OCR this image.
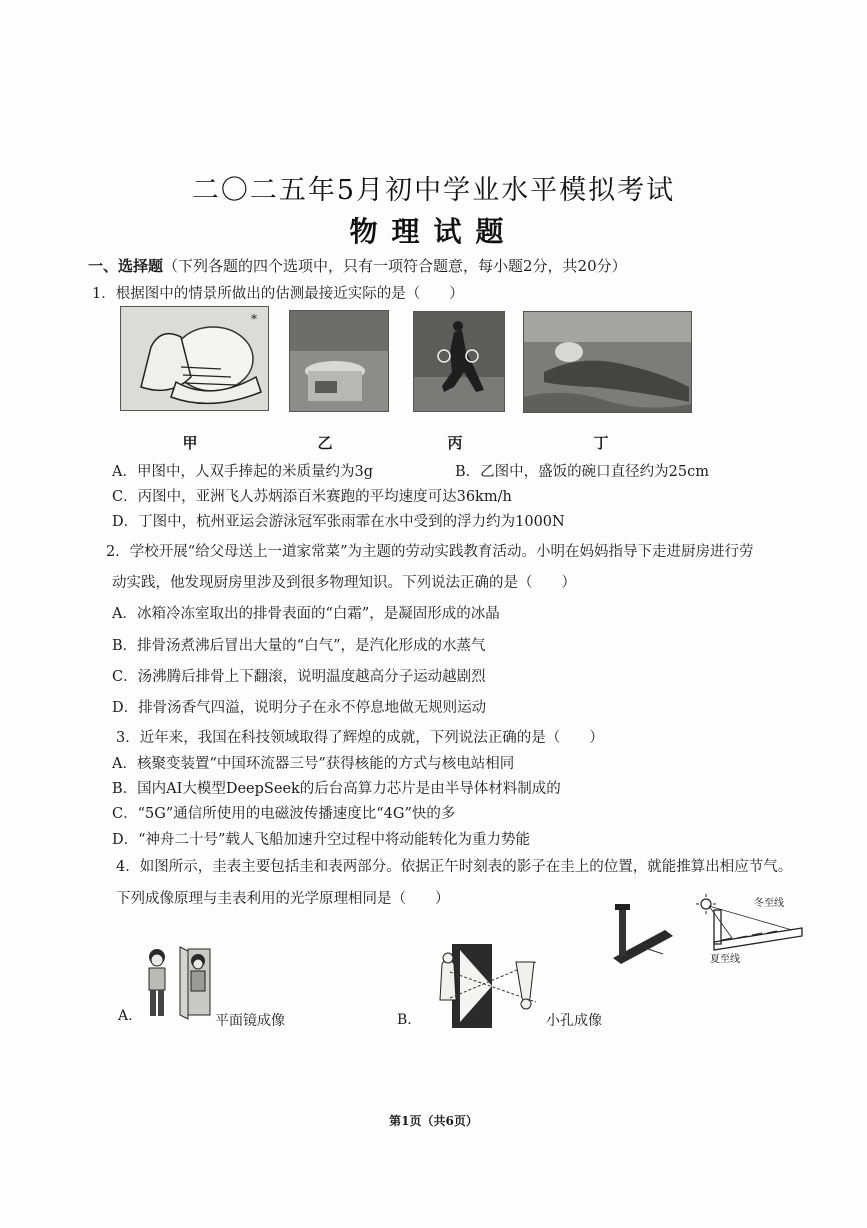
二〇二五年5月初中学业水平模拟考试
物理试题
一、选择题（下列各题的四个选项中，只有一项符合题意，每小题2分，共20分）
1．根据图中的情景所做出的估测最接近实际的是（　　）
*
甲	乙	丙	丁
A．甲图中，人双手捧起的米质量约为3g	B．乙图中，盛饭的碗口直径约为25cm
C．丙图中，亚洲飞人苏炳添百米赛跑的平均速度可达36km/h
D．丁图中，杭州亚运会游泳冠军张雨霏在水中受到的浮力约为1000N
2．学校开展“给父母送上一道家常菜”为主题的劳动实践教育活动。小明在妈妈指导下走进厨房进行劳
动实践，他发现厨房里涉及到很多物理知识。下列说法正确的是（　　）
A．冰箱冷冻室取出的排骨表面的“白霜”，是凝固形成的冰晶
B．排骨汤煮沸后冒出大量的“白气”，是汽化形成的水蒸气
C．汤沸腾后排骨上下翻滚，说明温度越高分子运动越剧烈
D．排骨汤香气四溢，说明分子在永不停息地做无规则运动
3．近年来，我国在科技领域取得了辉煌的成就，下列说法正确的是（　　）
A．核聚变装置“中国环流器三号”获得核能的方式与核电站相同
B．国内AI大模型DeepSeek的后台高算力芯片是由半导体材料制成的
C．“5G”通信所使用的电磁波传播速度比“4G”快的多
D．“神舟二十号”载人飞船加速升空过程中将动能转化为重力势能
4．如图所示，圭表主要包括圭和表两部分。依据正午时刻表的影子在圭上的位置，就能推算出相应节气。
下列成像原理与圭表利用的光学原理相同是（　　）	冬至线
夏至线
A.	平面镜成像	B.	小孔成像
第1页（共6页）
